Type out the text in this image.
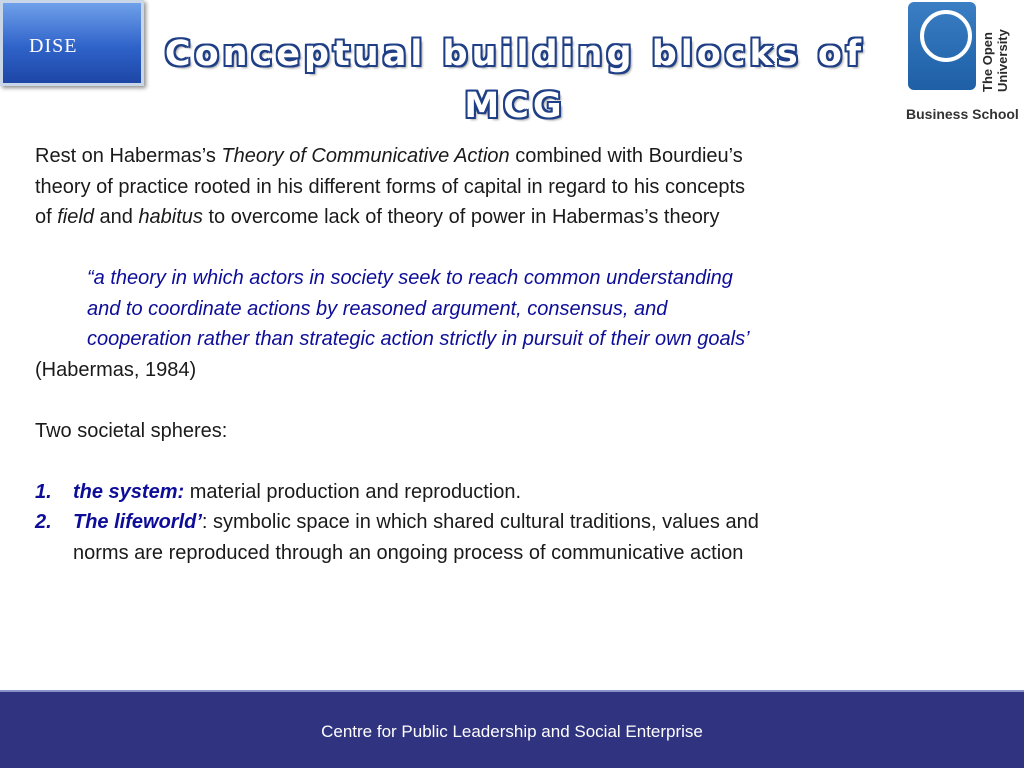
DISE	Conceptual building blocks of MCG
The Open University
Business School

Rest on Habermas’s Theory of Communicative Action combined with Bourdieu’s
theory of practice rooted in his different forms of capital in regard to his concepts
of field and habitus to overcome lack of theory of power in Habermas’s theory

“a theory in which actors in society seek to reach common understanding
and to coordinate actions by reasoned argument, consensus, and
cooperation rather than strategic action strictly in pursuit of their own goals’
(Habermas, 1984)
Two societal spheres:
1. the system: material production and reproduction.
2. The lifeworld’: symbolic space in which shared cultural traditions, values and
norms are reproduced through an ongoing process of communicative action
Centre for Public Leadership and Social Enterprise
